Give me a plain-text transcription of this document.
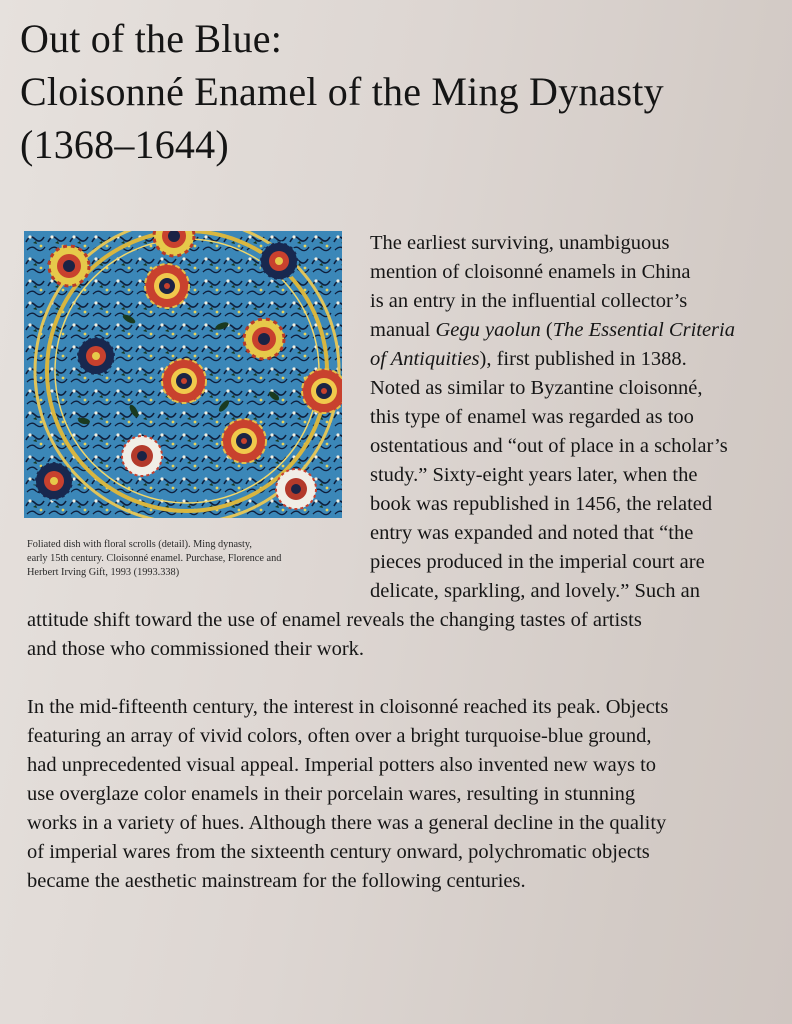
Out of the Blue:
Cloisonné Enamel of the Ming Dynasty
(1368–1644)
Foliated dish with floral scrolls (detail). Ming dynasty,
early 15th century. Cloisonné enamel. Purchase, Florence and
Herbert Irving Gift, 1993 (1993.338)
The earliest surviving, unambiguous
mention of cloisonné enamels in China
is an entry in the influential collector’s
manual Gegu yaolun (The Essential Criteria
of Antiquities), first published in 1388.
Noted as similar to Byzantine cloisonné,
this type of enamel was regarded as too
ostentatious and “out of place in a scholar’s
study.” Sixty-eight years later, when the
book was republished in 1456, the related
entry was expanded and noted that “the
pieces produced in the imperial court are
delicate, sparkling, and lovely.” Such an
attitude shift toward the use of enamel reveals the changing tastes of artists
and those who commissioned their work.
In the mid-fifteenth century, the interest in cloisonné reached its peak. Objects
featuring an array of vivid colors, often over a bright turquoise-blue ground,
had unprecedented visual appeal. Imperial potters also invented new ways to
use overglaze color enamels in their porcelain wares, resulting in stunning
works in a variety of hues. Although there was a general decline in the quality
of imperial wares from the sixteenth century onward, polychromatic objects
became the aesthetic mainstream for the following centuries.
